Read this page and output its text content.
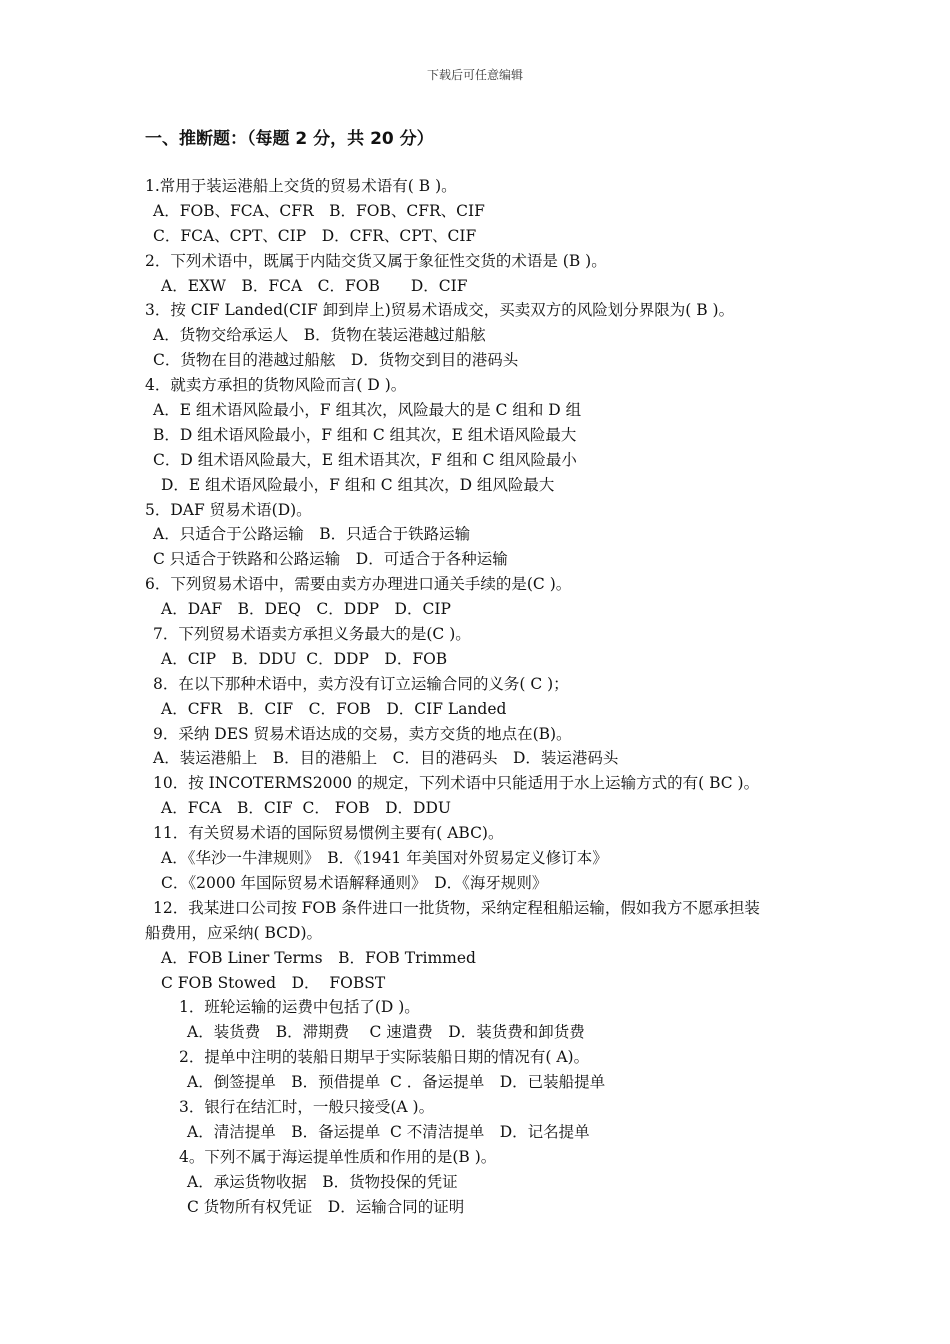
下载后可任意编辑
一、推断题：（每题 2 分，共 20 分）
1.常用于装运港船上交货的贸易术语有( B )。
A．FOB、FCA、CFR　B．FOB、CFR、CIF
C．FCA、CPT、CIP　D．CFR、CPT、CIF
2．下列术语中，既属于内陆交货又属于象征性交货的术语是 (B )。
A．EXW　B．FCA　C．FOB　　D．CIF
3．按 CIF Landed(CIF 卸到岸上)贸易术语成交，买卖双方的风险划分界限为( B )。
A．货物交给承运人　B．货物在装运港越过船舷
C．货物在目的港越过船舷　D．货物交到目的港码头
4．就卖方承担的货物风险而言( D )。
A．E 组术语风险最小，F 组其次，风险最大的是 C 组和 D 组
B．D 组术语风险最小，F 组和 C 组其次，E 组术语风险最大
C．D 组术语风险最大，E 组术语其次，F 组和 C 组风险最小
D．E 组术语风险最小，F 组和 C 组其次，D 组风险最大
5．DAF 贸易术语(D)。
A．只适合于公路运输　B．只适合于铁路运输
C 只适合于铁路和公路运输　D．可适合于各种运输
6．下列贸易术语中，需要由卖方办理进口通关手续的是(C )。
A．DAF　B．DEQ　C．DDP　D．CIP
7．下列贸易术语卖方承担义务最大的是(C )。
A．CIP　B．DDU  C．DDP　D．FOB
8．在以下那种术语中，卖方没有订立运输合同的义务( C )；
A．CFR　B．CIF　C．FOB　D．CIF Landed
9．采纳 DES 贸易术语达成的交易，卖方交货的地点在(B)。
A．装运港船上　B．目的港船上　C．目的港码头　D．装运港码头
10．按 INCOTERMS2000 的规定，下列术语中只能适用于水上运输方式的有( BC )。
A．FCA　B．CIF  C． FOB　D．DDU
11．有关贸易术语的国际贸易惯例主要有( ABC)。
A．《华沙一牛津规则》　B．《1941 年美国对外贸易定义修订本》
C．《2000 年国际贸易术语解释通则》　D．《海牙规则》
12．我某进口公司按 FOB 条件进口一批货物，采纳定程租船运输，假如我方不愿承担装
船费用，应采纳( BCD)。
A．FOB Liner Terms　B．FOB Trimmed
C FOB Stowed　D．  FOBST
1．班轮运输的运费中包括了(D )。
A．装货费　B．滞期费　 C 速遣费　D．装货费和卸货费
2．提单中注明的装船日期早于实际装船日期的情况有( A)。
A．倒签提单　B．预借提单  C ．备运提单　D．已装船提单
3．银行在结汇时，一般只接受(A )。
A．清洁提单　B．备运提单  C 不清洁提单　D．记名提单
4。下列不属于海运提单性质和作用的是(B )。
A．承运货物收据　B．货物投保的凭证
C 货物所有权凭证　D．运输合同的证明
